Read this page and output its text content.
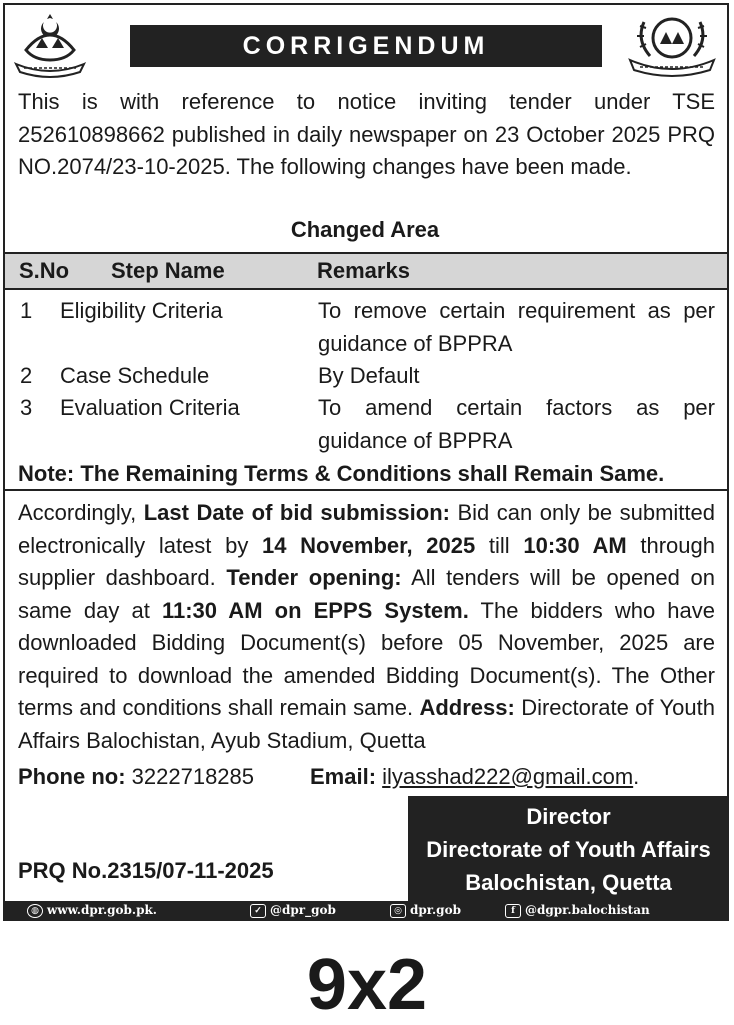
CORRIGENDUM
This is with reference to notice inviting tender under TSE 252610898662 published in daily newspaper on 23 October 2025 PRQ NO.2074/23-10-2025. The following changes have been made.
Changed Area
S.No Step Name	Remarks
1 Eligibility Criteria	To remove certain requirement as per guidance of BPPRA
2 Case Schedule	By Default
3 Evaluation Criteria	To amend certain factors as per guidance of BPPRA
Note: The Remaining Terms & Conditions shall Remain Same.
Accordingly, Last Date of bid submission: Bid can only be submitted electronically latest by 14 November, 2025 till 10:30 AM through supplier dashboard. Tender opening: All tenders will be opened on same day at 11:30 AM on EPPS System. The bidders who have downloaded Bidding Document(s) before 05 November, 2025 are required to download the amended Bidding Document(s). The Other terms and conditions shall remain same. Address: Directorate of Youth Affairs Balochistan, Ayub Stadium, Quetta
Phone no: 3222718285	Email: ilyasshad222@gmail.com.
Director
Directorate of Youth Affairs
Balochistan, Quetta
PRQ No.2315/07-11-2025
◍ www.dpr.gob.pk.	✓ @dpr_gob	◎ dpr.gob	f @dgpr.balochistan
9x2
